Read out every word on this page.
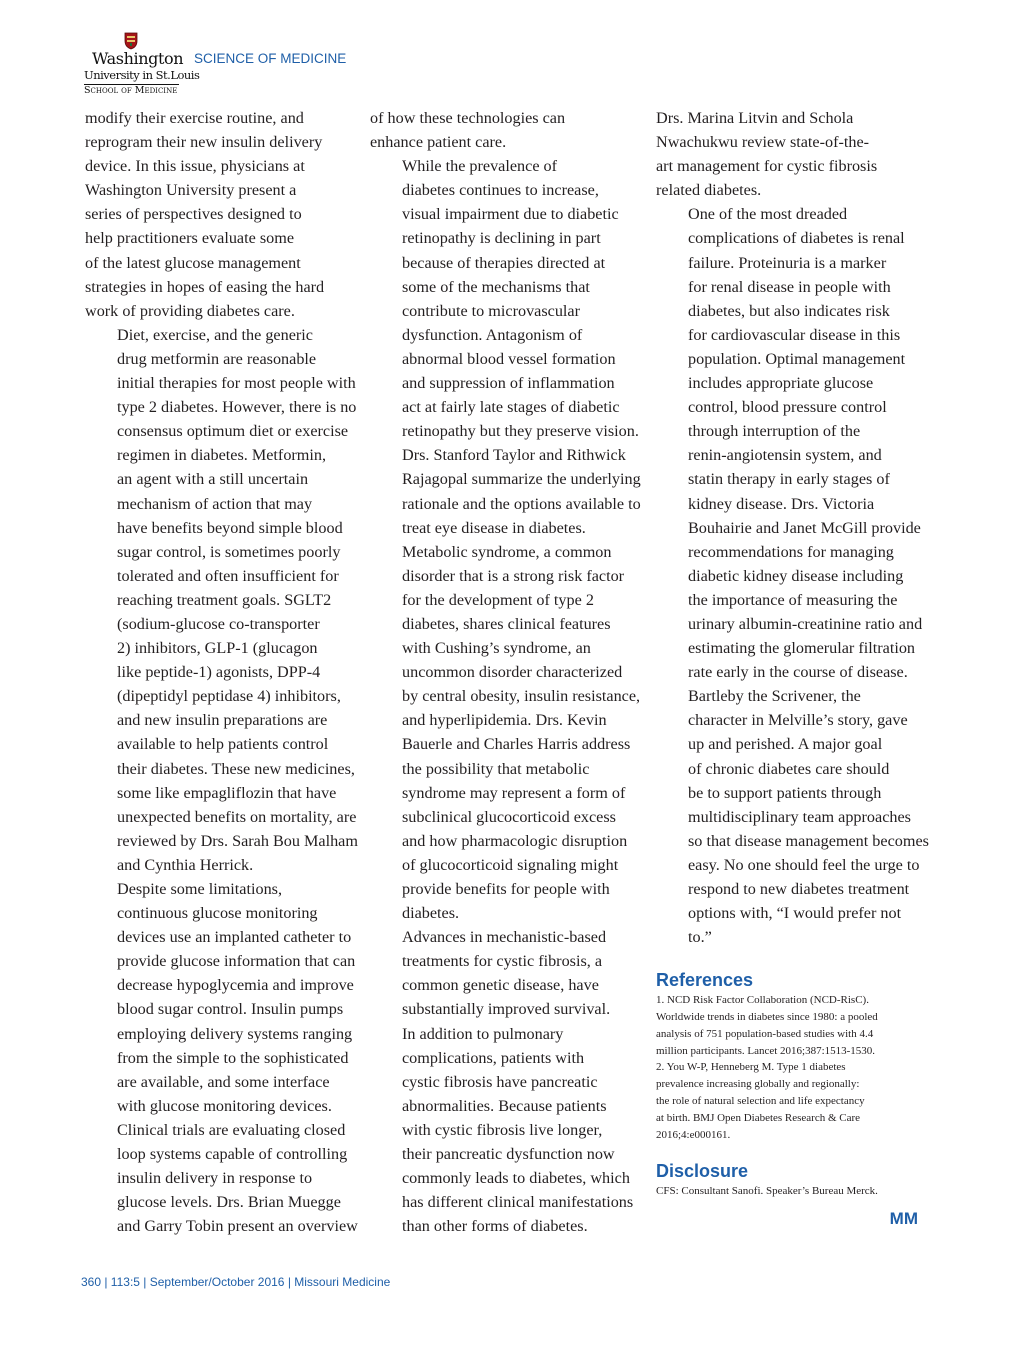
Washington
University in St.Louis
School of Medicine
SCIENCE OF MEDICINE

modify their exercise routine, and
reprogram their new insulin delivery
device. In this issue, physicians at
Washington University present a
series of perspectives designed to
help practitioners evaluate some
of the latest glucose management
strategies in hopes of easing the hard
work of providing diabetes care.

Diet, exercise, and the generic
drug metformin are reasonable
initial therapies for most people with
type 2 diabetes. However, there is no
consensus optimum diet or exercise
regimen in diabetes. Metformin,
an agent with a still uncertain
mechanism of action that may
have benefits beyond simple blood
sugar control, is sometimes poorly
tolerated and often insufficient for
reaching treatment goals. SGLT2
(sodium-glucose co-transporter
2) inhibitors, GLP-1 (glucagon
like peptide-1) agonists, DPP-4
(dipeptidyl peptidase 4) inhibitors,
and new insulin preparations are
available to help patients control
their diabetes. These new medicines,
some like empagliflozin that have
unexpected benefits on mortality, are
reviewed by Drs. Sarah Bou Malham
and Cynthia Herrick.

Despite some limitations,
continuous glucose monitoring
devices use an implanted catheter to
provide glucose information that can
decrease hypoglycemia and improve
blood sugar control. Insulin pumps
employing delivery systems ranging
from the simple to the sophisticated
are available, and some interface
with glucose monitoring devices.
Clinical trials are evaluating closed
loop systems capable of controlling
insulin delivery in response to
glucose levels. Drs. Brian Muegge
and Garry Tobin present an overview

of how these technologies can
enhance patient care.

While the prevalence of
diabetes continues to increase,
visual impairment due to diabetic
retinopathy is declining in part
because of therapies directed at
some of the mechanisms that
contribute to microvascular
dysfunction. Antagonism of
abnormal blood vessel formation
and suppression of inflammation
act at fairly late stages of diabetic
retinopathy but they preserve vision.
Drs. Stanford Taylor and Rithwick
Rajagopal summarize the underlying
rationale and the options available to
treat eye disease in diabetes.

Metabolic syndrome, a common
disorder that is a strong risk factor
for the development of type 2
diabetes, shares clinical features
with Cushing’s syndrome, an
uncommon disorder characterized
by central obesity, insulin resistance,
and hyperlipidemia. Drs. Kevin
Bauerle and Charles Harris address
the possibility that metabolic
syndrome may represent a form of
subclinical glucocorticoid excess
and how pharmacologic disruption
of glucocorticoid signaling might
provide benefits for people with
diabetes.

Advances in mechanistic-based
treatments for cystic fibrosis, a
common genetic disease, have
substantially improved survival.
In addition to pulmonary
complications, patients with
cystic fibrosis have pancreatic
abnormalities. Because patients
with cystic fibrosis live longer,
their pancreatic dysfunction now
commonly leads to diabetes, which
has different clinical manifestations
than other forms of diabetes.

Drs. Marina Litvin and Schola
Nwachukwu review state-of-the-
art management for cystic fibrosis
related diabetes.

One of the most dreaded
complications of diabetes is renal
failure. Proteinuria is a marker
for renal disease in people with
diabetes, but also indicates risk
for cardiovascular disease in this
population. Optimal management
includes appropriate glucose
control, blood pressure control
through interruption of the
renin-angiotensin system, and
statin therapy in early stages of
kidney disease. Drs. Victoria
Bouhairie and Janet McGill provide
recommendations for managing
diabetic kidney disease including
the importance of measuring the
urinary albumin-creatinine ratio and
estimating the glomerular filtration
rate early in the course of disease.

Bartleby the Scrivener, the
character in Melville’s story, gave
up and perished. A major goal
of chronic diabetes care should
be to support patients through
multidisciplinary team approaches
so that disease management becomes
easy. No one should feel the urge to
respond to new diabetes treatment
options with, “I would prefer not
to.”

References

1. NCD Risk Factor Collaboration (NCD-RisC).
Worldwide trends in diabetes since 1980: a pooled
analysis of 751 population-based studies with 4.4
million participants. Lancet 2016;387:1513-1530.
2. You W-P, Henneberg M. Type 1 diabetes
prevalence increasing globally and regionally:
the role of natural selection and life expectancy
at birth. BMJ Open Diabetes Research & Care
2016;4:e000161.

Disclosure

CFS: Consultant Sanofi. Speaker’s Bureau Merck.
MM
360 | 113:5 | September/October 2016 | Missouri Medicine
